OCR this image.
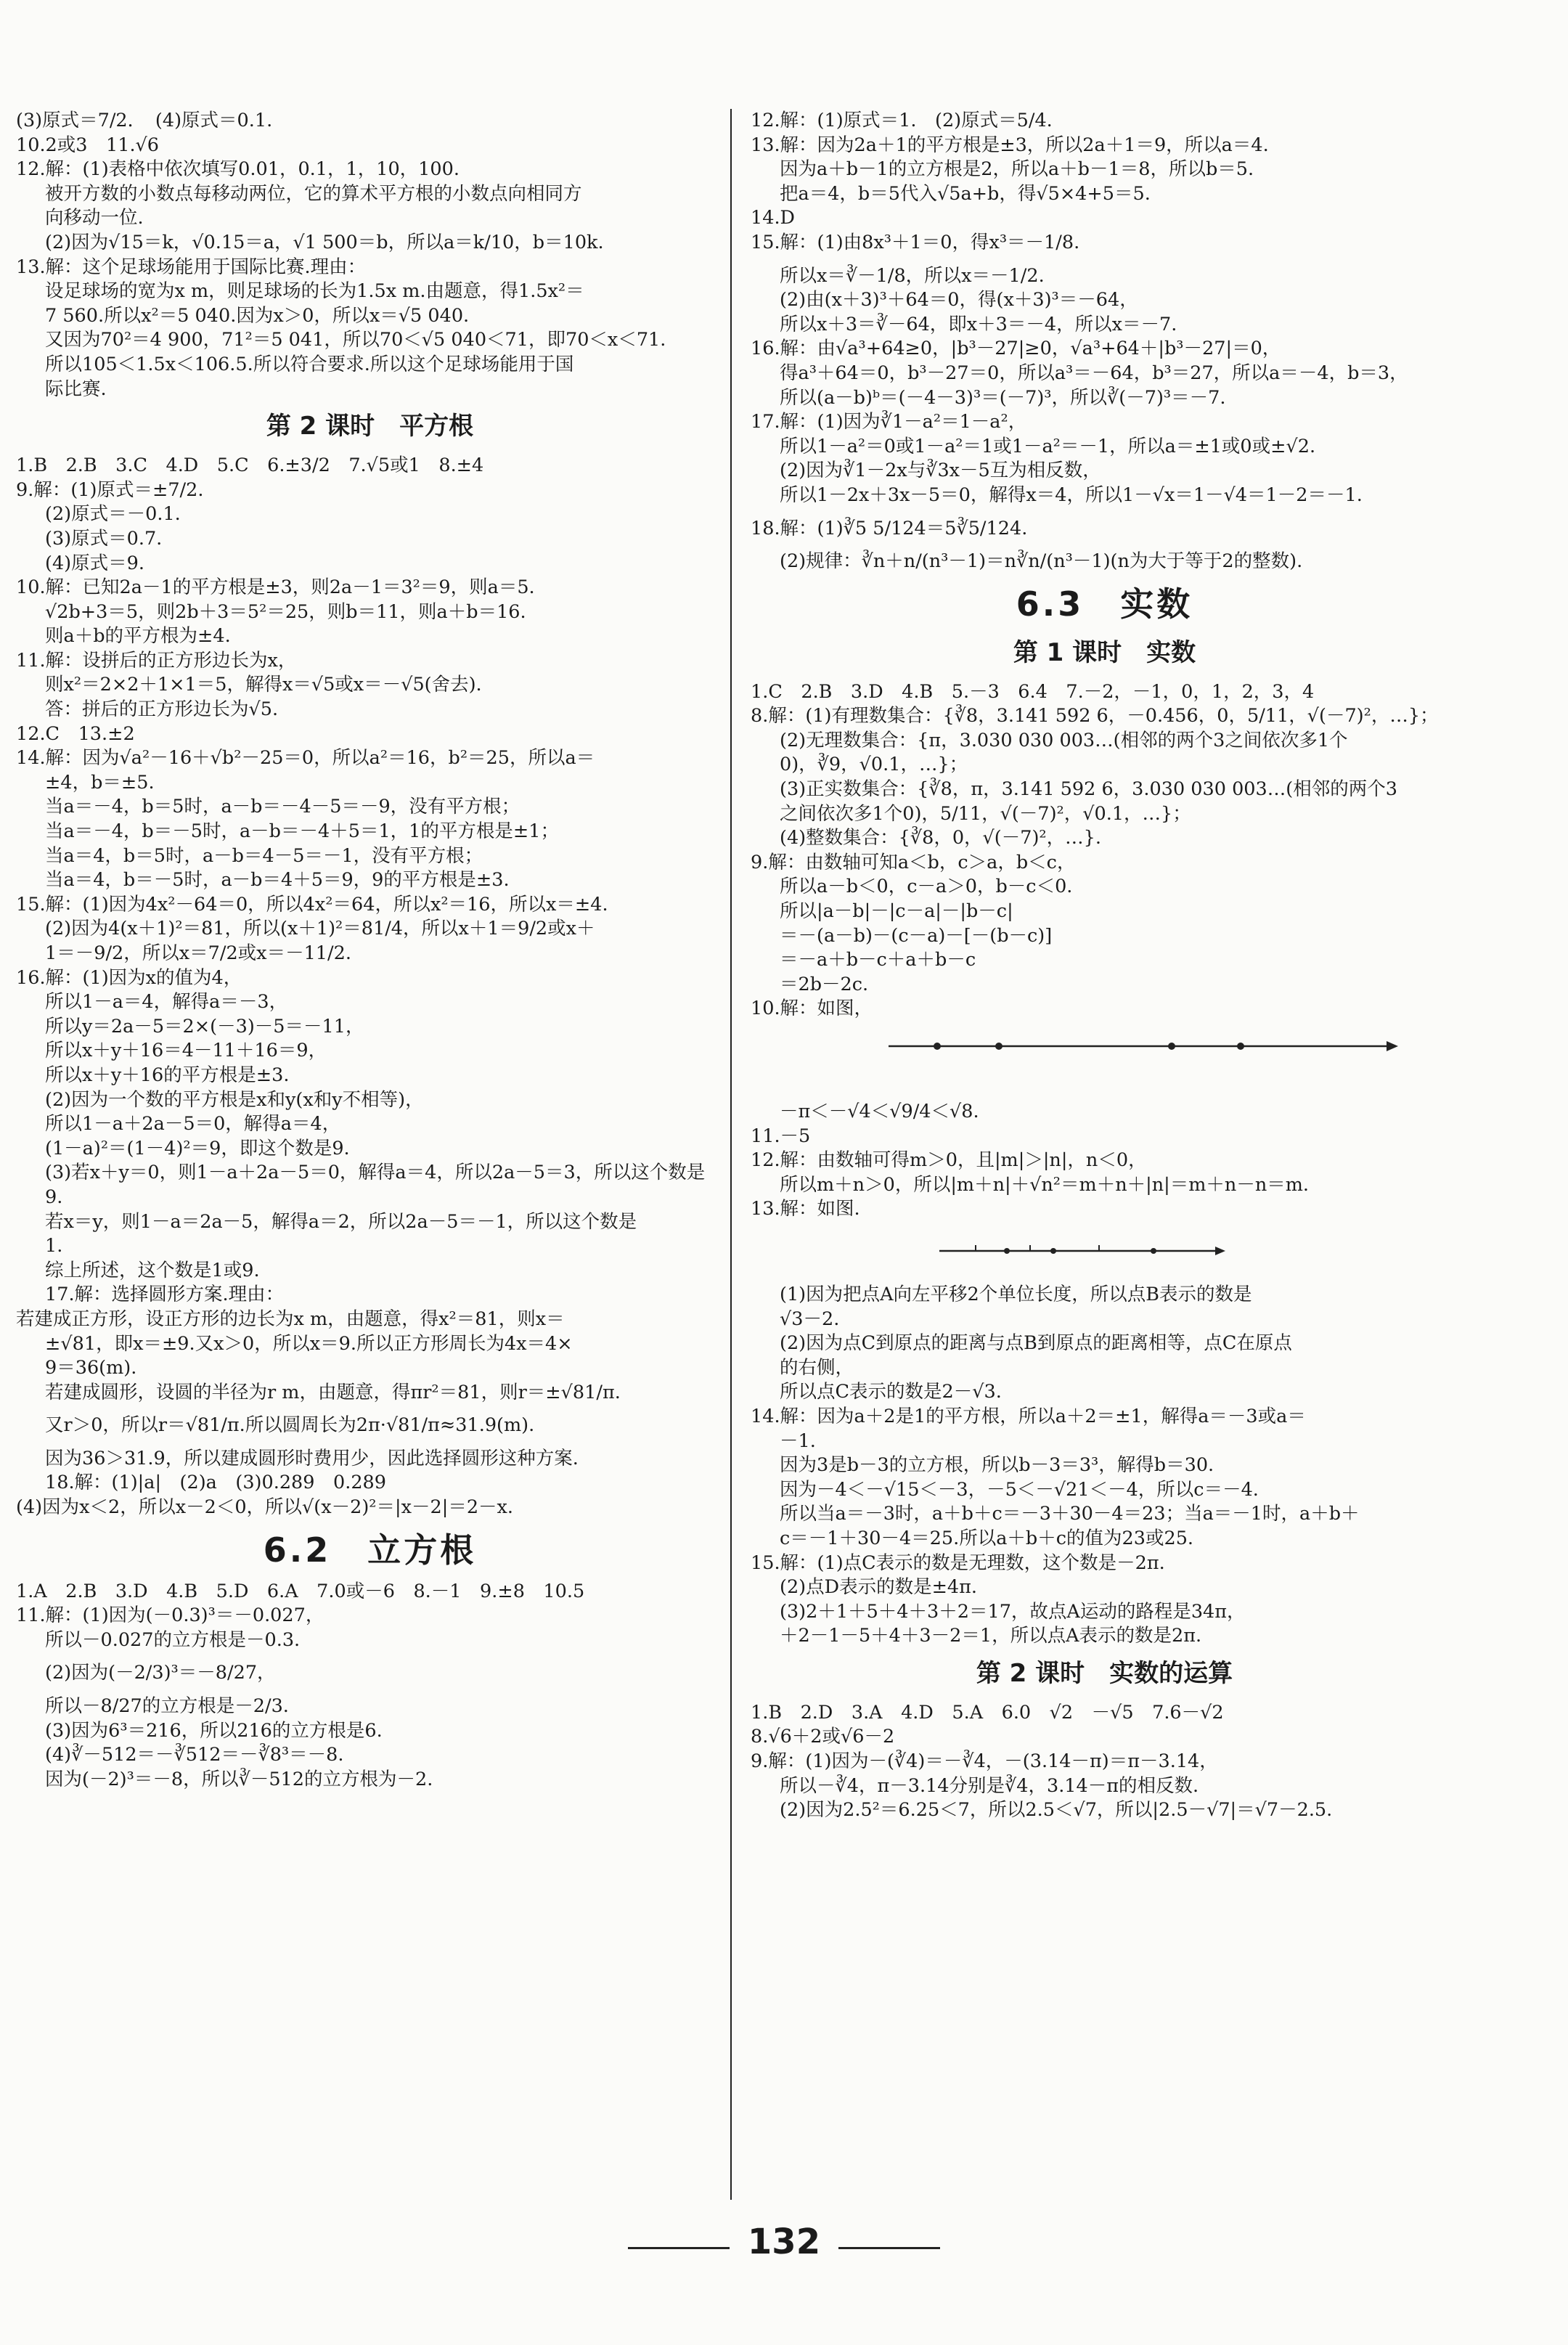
(3)原式＝7/2．　(4)原式＝0.1.
10.2或3　11.√6
12.解：(1)表格中依次填写0.01，0.1，1，10，100.
被开方数的小数点每移动两位，它的算术平方根的小数点向相同方
向移动一位.
(2)因为√15＝k，√0.15＝a，√1 500＝b，所以a＝k/10，b＝10k.
13.解：这个足球场能用于国际比赛.理由：
设足球场的宽为x m，则足球场的长为1.5x m.由题意，得1.5x²＝
7 560.所以x²＝5 040.因为x＞0，所以x＝√5 040.
又因为70²＝4 900，71²＝5 041，所以70＜√5 040＜71，即70＜x＜71.
所以105＜1.5x＜106.5.所以符合要求.所以这个足球场能用于国
际比赛.
第 2 课时　平方根
1.B　2.B　3.C　4.D　5.C　6.±3/2　7.√5或1　8.±4
9.解：(1)原式＝±7/2.
(2)原式＝－0.1.
(3)原式＝0.7.
(4)原式＝9.
10.解：已知2a－1的平方根是±3，则2a－1＝3²＝9，则a＝5.
√2b+3＝5，则2b＋3＝5²＝25，则b＝11，则a＋b＝16.
则a＋b的平方根为±4.
11.解：设拼后的正方形边长为x，
则x²＝2×2＋1×1＝5，解得x＝√5或x＝－√5(舍去).
答：拼后的正方形边长为√5.
12.C　13.±2
14.解：因为√a²－16＋√b²－25＝0，所以a²＝16，b²＝25，所以a＝
±4，b＝±5.
当a＝－4，b＝5时，a－b＝－4－5＝－9，没有平方根；
当a＝－4，b＝－5时，a－b＝－4＋5＝1，1的平方根是±1；
当a＝4，b＝5时，a－b＝4－5＝－1，没有平方根；
当a＝4，b＝－5时，a－b＝4＋5＝9，9的平方根是±3.
15.解：(1)因为4x²－64＝0，所以4x²＝64，所以x²＝16，所以x＝±4.
(2)因为4(x＋1)²＝81，所以(x＋1)²＝81/4，所以x＋1＝9/2或x＋
1＝－9/2，所以x＝7/2或x＝－11/2.
16.解：(1)因为x的值为4，
所以1－a＝4，解得a＝－3，
所以y＝2a－5＝2×(－3)－5＝－11，
所以x＋y＋16＝4－11＋16＝9，
所以x＋y＋16的平方根是±3.
(2)因为一个数的平方根是x和y(x和y不相等)，
所以1－a＋2a－5＝0，解得a＝4，
(1－a)²＝(1－4)²＝9，即这个数是9.
(3)若x＋y＝0，则1－a＋2a－5＝0，解得a＝4，所以2a－5＝3，所以这个数是
9.
若x＝y，则1－a＝2a－5，解得a＝2，所以2a－5＝－1，所以这个数是
1.
综上所述，这个数是1或9.
17.解：选择圆形方案.理由：
若建成正方形，设正方形的边长为x m，由题意，得x²＝81，则x＝
±√81，即x＝±9.又x＞0，所以x＝9.所以正方形周长为4x＝4×
9＝36(m).
若建成圆形，设圆的半径为r m，由题意，得πr²＝81，则r＝±√81/π.
又r＞0，所以r＝√81/π.所以圆周长为2π·√81/π≈31.9(m).
因为36＞31.9，所以建成圆形时费用少，因此选择圆形这种方案.
18.解：(1)|a|　(2)a　(3)0.289　0.289
(4)因为x＜2，所以x－2＜0，所以√(x－2)²＝|x－2|＝2－x.
6.2　立方根
1.A　2.B　3.D　4.B　5.D　6.A　7.0或－6　8.－1　9.±8　10.5
11.解：(1)因为(－0.3)³＝－0.027，
所以－0.027的立方根是－0.3.
(2)因为(－2/3)³＝－8/27，
所以－8/27的立方根是－2/3.
(3)因为6³＝216，所以216的立方根是6.
(4)∛－512＝－∛512＝－∛8³＝－8.
因为(－2)³＝－8，所以∛－512的立方根为－2.
12.解：(1)原式＝1.　(2)原式＝5/4.
13.解：因为2a＋1的平方根是±3，所以2a＋1＝9，所以a＝4.
因为a＋b－1的立方根是2，所以a＋b－1＝8，所以b＝5.
把a＝4，b＝5代入√5a+b，得√5×4+5＝5.
14.D
15.解：(1)由8x³＋1＝0，得x³＝－1/8.
所以x＝∛－1/8，所以x＝－1/2.
(2)由(x＋3)³＋64＝0，得(x＋3)³＝－64，
所以x＋3＝∛－64，即x＋3＝－4，所以x＝－7.
16.解：由√a³+64≥0，|b³－27|≥0，√a³+64＋|b³－27|＝0，
得a³＋64＝0，b³－27＝0，所以a³＝－64，b³＝27，所以a＝－4，b＝3，
所以(a－b)ᵇ＝(－4－3)³＝(－7)³，所以∛(－7)³＝－7.
17.解：(1)因为∛1－a²＝1－a²，
所以1－a²＝0或1－a²＝1或1－a²＝－1，所以a＝±1或0或±√2.
(2)因为∛1－2x与∛3x－5互为相反数，
所以1－2x＋3x－5＝0，解得x＝4，所以1－√x＝1－√4＝1－2＝－1.
18.解：(1)∛5 5/124＝5∛5/124.
(2)规律：∛n＋n/(n³－1)＝n∛n/(n³－1)(n为大于等于2的整数).
6.3　实数
第 1 课时　实数
1.C　2.B　3.D　4.B　5.－3　6.4　7.－2，－1，0，1，2，3，4
8.解：(1)有理数集合：{∛8，3.141 592 6，－0.456，0，5/11，√(－7)²，…}；
(2)无理数集合：{π，3.030 030 003…(相邻的两个3之间依次多1个
0)，∛9，√0.1，…}；
(3)正实数集合：{∛8，π，3.141 592 6，3.030 030 003…(相邻的两个3
之间依次多1个0)，5/11，√(－7)²，√0.1，…}；
(4)整数集合：{∛8，0，√(－7)²，…}.
9.解：由数轴可知a＜b，c＞a，b＜c，
所以a－b＜0，c－a＞0，b－c＜0.
所以|a－b|－|c－a|－|b－c|
＝－(a－b)－(c－a)－[－(b－c)]
＝－a＋b－c＋a＋b－c
＝2b－2c.
10.解：如图，
－π＜－√4＜√9/4＜√8.
11.－5
12.解：由数轴可得m＞0，且|m|＞|n|，n＜0，
所以m＋n＞0，所以|m＋n|＋√n²＝m＋n＋|n|＝m＋n－n＝m.
13.解：如图.
(1)因为把点A向左平移2个单位长度，所以点B表示的数是
√3－2.
(2)因为点C到原点的距离与点B到原点的距离相等，点C在原点
的右侧，
所以点C表示的数是2－√3.
14.解：因为a＋2是1的平方根，所以a＋2＝±1，解得a＝－3或a＝
－1.
因为3是b－3的立方根，所以b－3＝3³，解得b＝30.
因为－4＜－√15＜－3，－5＜－√21＜－4，所以c＝－4.
所以当a＝－3时，a＋b＋c＝－3＋30－4＝23；当a＝－1时，a＋b＋
c＝－1＋30－4＝25.所以a＋b＋c的值为23或25.
15.解：(1)点C表示的数是无理数，这个数是－2π.
(2)点D表示的数是±4π.
(3)2＋1＋5＋4＋3＋2＝17，故点A运动的路程是34π，
＋2－1－5＋4＋3－2＝1，所以点A表示的数是2π.
第 2 课时　实数的运算
1.B　2.D　3.A　4.D　5.A　6.0　√2　－√5　7.6－√2
8.√6＋2或√6－2
9.解：(1)因为－(∛4)＝－∛4，－(3.14－π)＝π－3.14，
所以－∛4，π－3.14分别是∛4，3.14－π的相反数.
(2)因为2.5²＝6.25＜7，所以2.5＜√7，所以|2.5－√7|＝√7－2.5.
132
